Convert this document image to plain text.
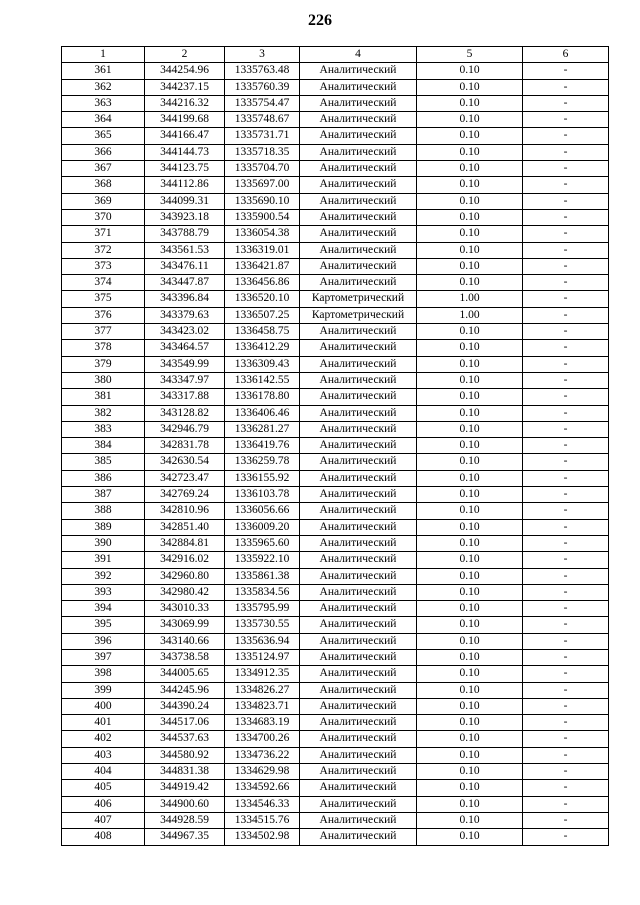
226
1	2	3	4	5	6
361	344254.96	1335763.48	Аналитический	0.10	-
362	344237.15	1335760.39	Аналитический	0.10	-
363	344216.32	1335754.47	Аналитический	0.10	-
364	344199.68	1335748.67	Аналитический	0.10	-
365	344166.47	1335731.71	Аналитический	0.10	-
366	344144.73	1335718.35	Аналитический	0.10	-
367	344123.75	1335704.70	Аналитический	0.10	-
368	344112.86	1335697.00	Аналитический	0.10	-
369	344099.31	1335690.10	Аналитический	0.10	-
370	343923.18	1335900.54	Аналитический	0.10	-
371	343788.79	1336054.38	Аналитический	0.10	-
372	343561.53	1336319.01	Аналитический	0.10	-
373	343476.11	1336421.87	Аналитический	0.10	-
374	343447.87	1336456.86	Аналитический	0.10	-
375	343396.84	1336520.10	Картометрический	1.00	-
376	343379.63	1336507.25	Картометрический	1.00	-
377	343423.02	1336458.75	Аналитический	0.10	-
378	343464.57	1336412.29	Аналитический	0.10	-
379	343549.99	1336309.43	Аналитический	0.10	-
380	343347.97	1336142.55	Аналитический	0.10	-
381	343317.88	1336178.80	Аналитический	0.10	-
382	343128.82	1336406.46	Аналитический	0.10	-
383	342946.79	1336281.27	Аналитический	0.10	-
384	342831.78	1336419.76	Аналитический	0.10	-
385	342630.54	1336259.78	Аналитический	0.10	-
386	342723.47	1336155.92	Аналитический	0.10	-
387	342769.24	1336103.78	Аналитический	0.10	-
388	342810.96	1336056.66	Аналитический	0.10	-
389	342851.40	1336009.20	Аналитический	0.10	-
390	342884.81	1335965.60	Аналитический	0.10	-
391	342916.02	1335922.10	Аналитический	0.10	-
392	342960.80	1335861.38	Аналитический	0.10	-
393	342980.42	1335834.56	Аналитический	0.10	-
394	343010.33	1335795.99	Аналитический	0.10	-
395	343069.99	1335730.55	Аналитический	0.10	-
396	343140.66	1335636.94	Аналитический	0.10	-
397	343738.58	1335124.97	Аналитический	0.10	-
398	344005.65	1334912.35	Аналитический	0.10	-
399	344245.96	1334826.27	Аналитический	0.10	-
400	344390.24	1334823.71	Аналитический	0.10	-
401	344517.06	1334683.19	Аналитический	0.10	-
402	344537.63	1334700.26	Аналитический	0.10	-
403	344580.92	1334736.22	Аналитический	0.10	-
404	344831.38	1334629.98	Аналитический	0.10	-
405	344919.42	1334592.66	Аналитический	0.10	-
406	344900.60	1334546.33	Аналитический	0.10	-
407	344928.59	1334515.76	Аналитический	0.10	-
408	344967.35	1334502.98	Аналитический	0.10	-
